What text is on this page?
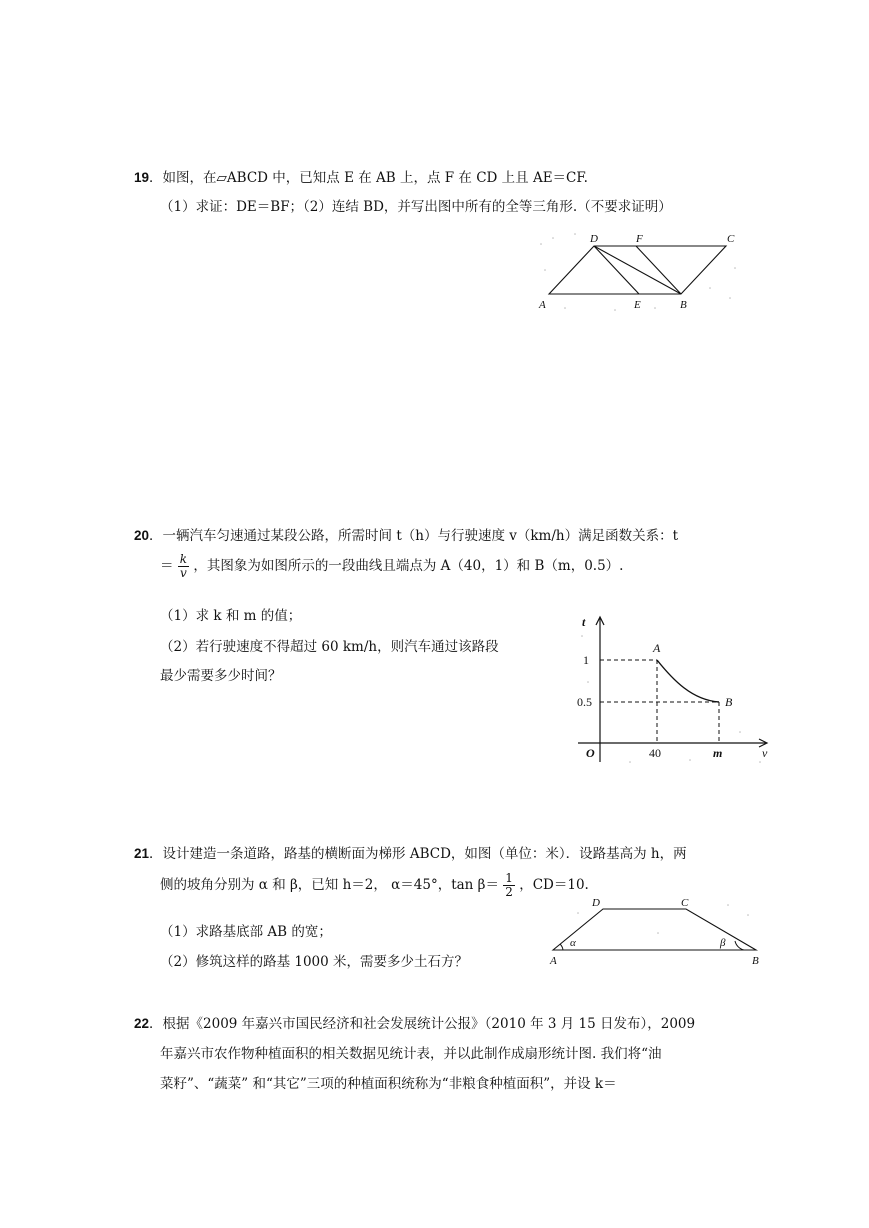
19．如图，在▱ABCD 中，已知点 E 在 AB 上，点 F 在 CD 上且 AE＝CF.
（1）求证：DE＝BF；（2）连结 BD，并写出图中所有的全等三角形.（不要求证明）
D	F	C
A	E	B
20．一辆汽车匀速通过某段公路，所需时间 t（h）与行驶速度 v（km/h）满足函数关系：t
＝ $\frac{k}{v}$ ，其图象为如图所示的一段曲线且端点为 A（40，1）和 B（m，0.5）.
（1）求 k 和 m 的值；
（2）若行驶速度不得超过 60 km/h，则汽车通过该路段
最少需要多少时间？
t
v
O
1
0.5
40	m
A
B
21．设计建造一条道路，路基的横断面为梯形 ABCD，如图（单位：米）．设路基高为 h，两
侧的坡角分别为 α 和 β，已知 h＝2， α＝45°，$\tan \beta= \frac{1}{2}$ ，CD＝10.
（1）求路基底部 AB 的宽；
（2）修筑这样的路基 1000 米，需要多少土石方？
D	C
A	B
α	β
22．根据《2009 年嘉兴市国民经济和社会发展统计公报》（2010 年 3 月 15 日发布），2009
年嘉兴市农作物种植面积的相关数据见统计表，并以此制作成扇形统计图. 我们将“油
菜籽”、“蔬菜” 和“其它”三项的种植面积统称为“非粮食种植面积”，并设 k＝
